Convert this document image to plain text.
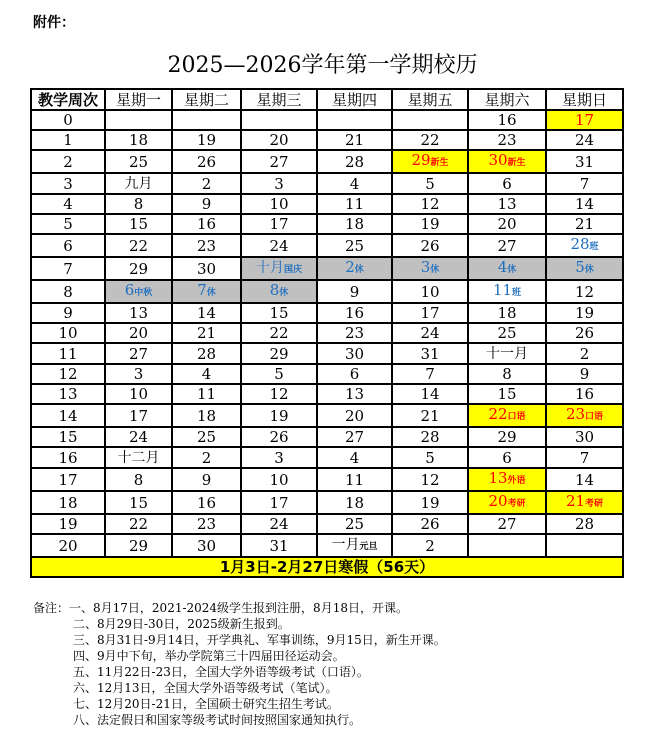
附件：
2025—2026学年第一学期校历
教学周次	星期一	星期二	星期三	星期四	星期五	星期六	星期日
0						16	17
1	18	19	20	21	22	23	24
2	25	26	27	28	29新生	30新生	31
3	九月	2	3	4	5	6	7
4	8	9	10	11	12	13	14
5	15	16	17	18	19	20	21
6	22	23	24	25	26	27	28班
7	29	30	十月国庆	2休	3休	4休	5休
8	6中秋	7休	8休	9	10	11班	12
9	13	14	15	16	17	18	19
10	20	21	22	23	24	25	26
11	27	28	29	30	31	十一月	2
12	3	4	5	6	7	8	9
13	10	11	12	13	14	15	16
14	17	18	19	20	21	22口语	23口语
15	24	25	26	27	28	29	30
16	十二月	2	3	4	5	6	7
17	8	9	10	11	12	13外语	14
18	15	16	17	18	19	20考研	21考研
19	22	23	24	25	26	27	28
20	29	30	31	一月元旦	2		
1月3日-2月27日寒假（56天）							
备注：一、8月17日，2021-2024级学生报到注册，8月18日，开课。
二、8月29日-30日，2025级新生报到。
三、8月31日-9月14日，开学典礼、军事训练，9月15日，新生开课。
四、9月中下旬，举办学院第三十四届田径运动会。
五、11月22日-23日，全国大学外语等级考试（口语）。
六、12月13日，全国大学外语等级考试（笔试）。
七、12月20日-21日，全国硕士研究生招生考试。
八、法定假日和国家等级考试时间按照国家通知执行。
